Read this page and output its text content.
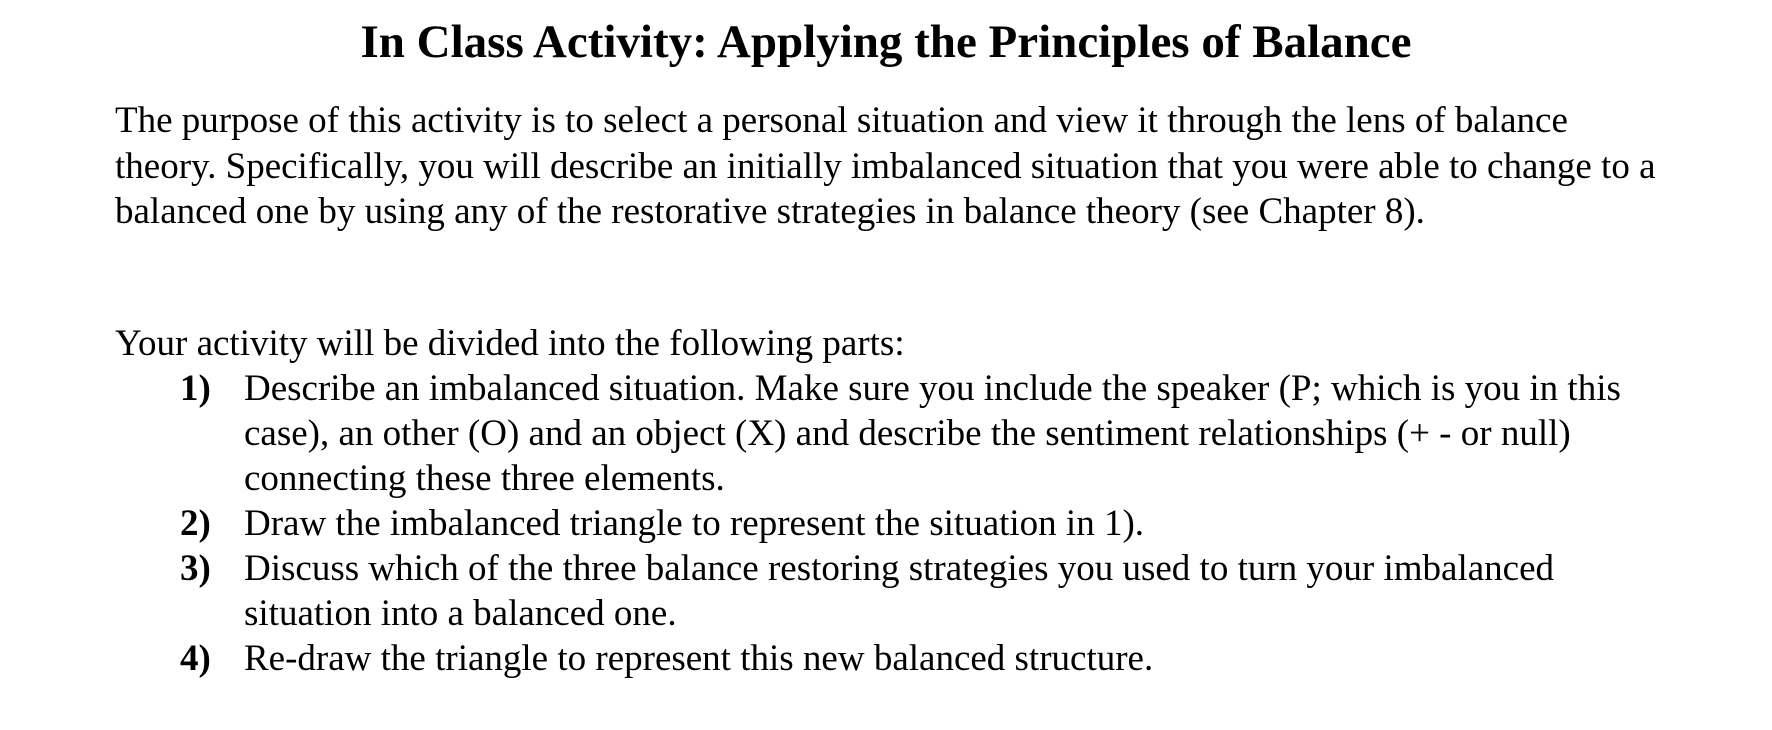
In Class Activity: Applying the Principles of Balance

The purpose of this activity is to select a personal situation and view it through the lens of balance theory. Specifically, you will describe an initially imbalanced situation that you were able to change to a balanced one by using any of the restorative strategies in balance theory (see Chapter 8).

Your activity will be divided into the following parts:

1) Describe an imbalanced situation. Make sure you include the speaker (P; which is you in this case), an other (O) and an object (X) and describe the sentiment relationships (+ - or null) connecting these three elements.
2) Draw the imbalanced triangle to represent the situation in 1).
3) Discuss which of the three balance restoring strategies you used to turn your imbalanced situation into a balanced one.
4) Re-draw the triangle to represent this new balanced structure.
